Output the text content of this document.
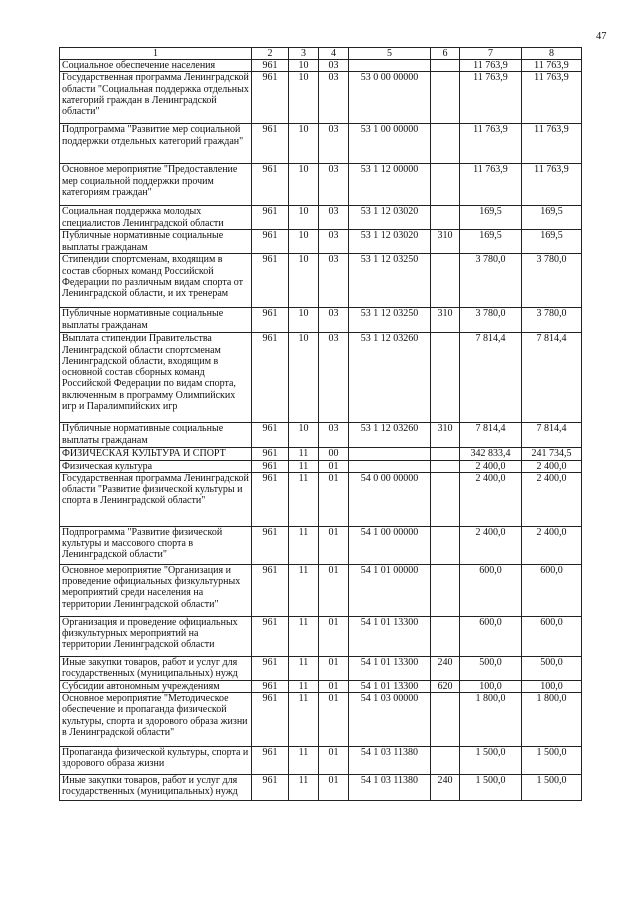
47
1	2	3	4	5	6	7	8
Социальное обеспечение населения	961	10	03			11 763,9	11 763,9
Государственная программа Ленинградской области "Социальная поддержка отдельных категорий граждан в Ленинградской области"	961	10	03	53 0 00 00000		11 763,9	11 763,9
Подпрограмма "Развитие мер социальной поддержки отдельных категорий граждан"	961	10	03	53 1 00 00000		11 763,9	11 763,9
Основное мероприятие "Предоставление мер социальной поддержки прочим категориям граждан"	961	10	03	53 1 12 00000		11 763,9	11 763,9
Социальная поддержка молодых специалистов Ленинградской области	961	10	03	53 1 12 03020		169,5	169,5
Публичные нормативные социальные выплаты гражданам	961	10	03	53 1 12 03020	310	169,5	169,5
Стипендии спортсменам, входящим в состав сборных команд Российской Федерации по различным видам спорта от Ленинградской области, и их тренерам	961	10	03	53 1 12 03250		3 780,0	3 780,0
Публичные нормативные социальные выплаты гражданам	961	10	03	53 1 12 03250	310	3 780,0	3 780,0
Выплата стипендии Правительства Ленинградской области спортсменам Ленинградской области, входящим в основной состав сборных команд Российской Федерации по видам спорта, включенным в программу Олимпийских игр и Паралимпийских игр	961	10	03	53 1 12 03260		7 814,4	7 814,4
Публичные нормативные социальные выплаты гражданам	961	10	03	53 1 12 03260	310	7 814,4	7 814,4
ФИЗИЧЕСКАЯ КУЛЬТУРА И СПОРТ	961	11	00			342 833,4	241 734,5
Физическая культура	961	11	01			2 400,0	2 400,0
Государственная программа Ленинградской области "Развитие физической культуры и спорта в Ленинградской области"	961	11	01	54 0 00 00000		2 400,0	2 400,0
Подпрограмма "Развитие физической культуры и массового спорта в Ленинградской области"	961	11	01	54 1 00 00000		2 400,0	2 400,0
Основное мероприятие "Организация и проведение официальных физкультурных мероприятий среди населения на территории Ленинградской области"	961	11	01	54 1 01 00000		600,0	600,0
Организация и проведение официальных физкультурных мероприятий на территории Ленинградской области	961	11	01	54 1 01 13300		600,0	600,0
Иные закупки товаров, работ и услуг для государственных (муниципальных) нужд	961	11	01	54 1 01 13300	240	500,0	500,0
Субсидии автономным учреждениям	961	11	01	54 1 01 13300	620	100,0	100,0
Основное мероприятие "Методическое обеспечение и пропаганда физической культуры, спорта и здорового образа жизни в Ленинградской области"	961	11	01	54 1 03 00000		1 800,0	1 800,0
Пропаганда физической культуры, спорта и здорового образа жизни	961	11	01	54 1 03 11380		1 500,0	1 500,0
Иные закупки товаров, работ и услуг для государственных (муниципальных) нужд	961	11	01	54 1 03 11380	240	1 500,0	1 500,0
